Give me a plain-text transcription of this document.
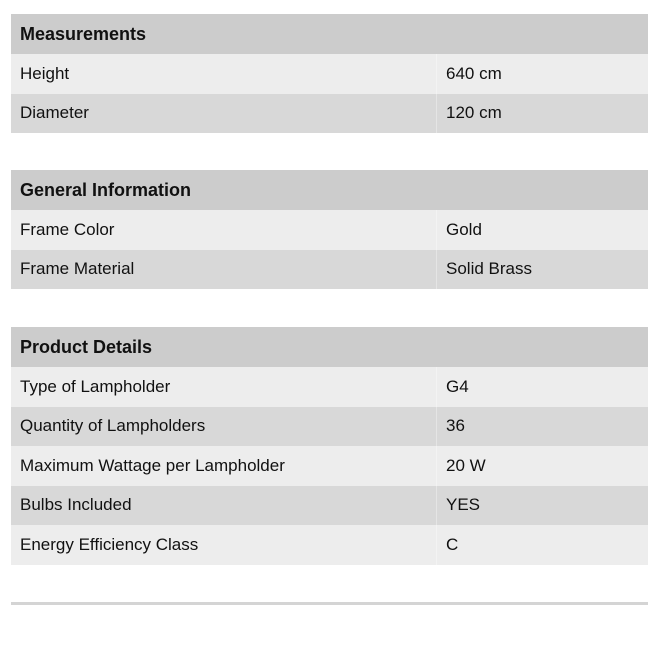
Measurements
Height	640 cm
Diameter	120 cm
General Information
Frame Color	Gold
Frame Material	Solid Brass
Product Details
Type of Lampholder	G4
Quantity of Lampholders	36
Maximum Wattage per Lampholder	20 W
Bulbs Included	YES
Energy Efficiency Class	C
